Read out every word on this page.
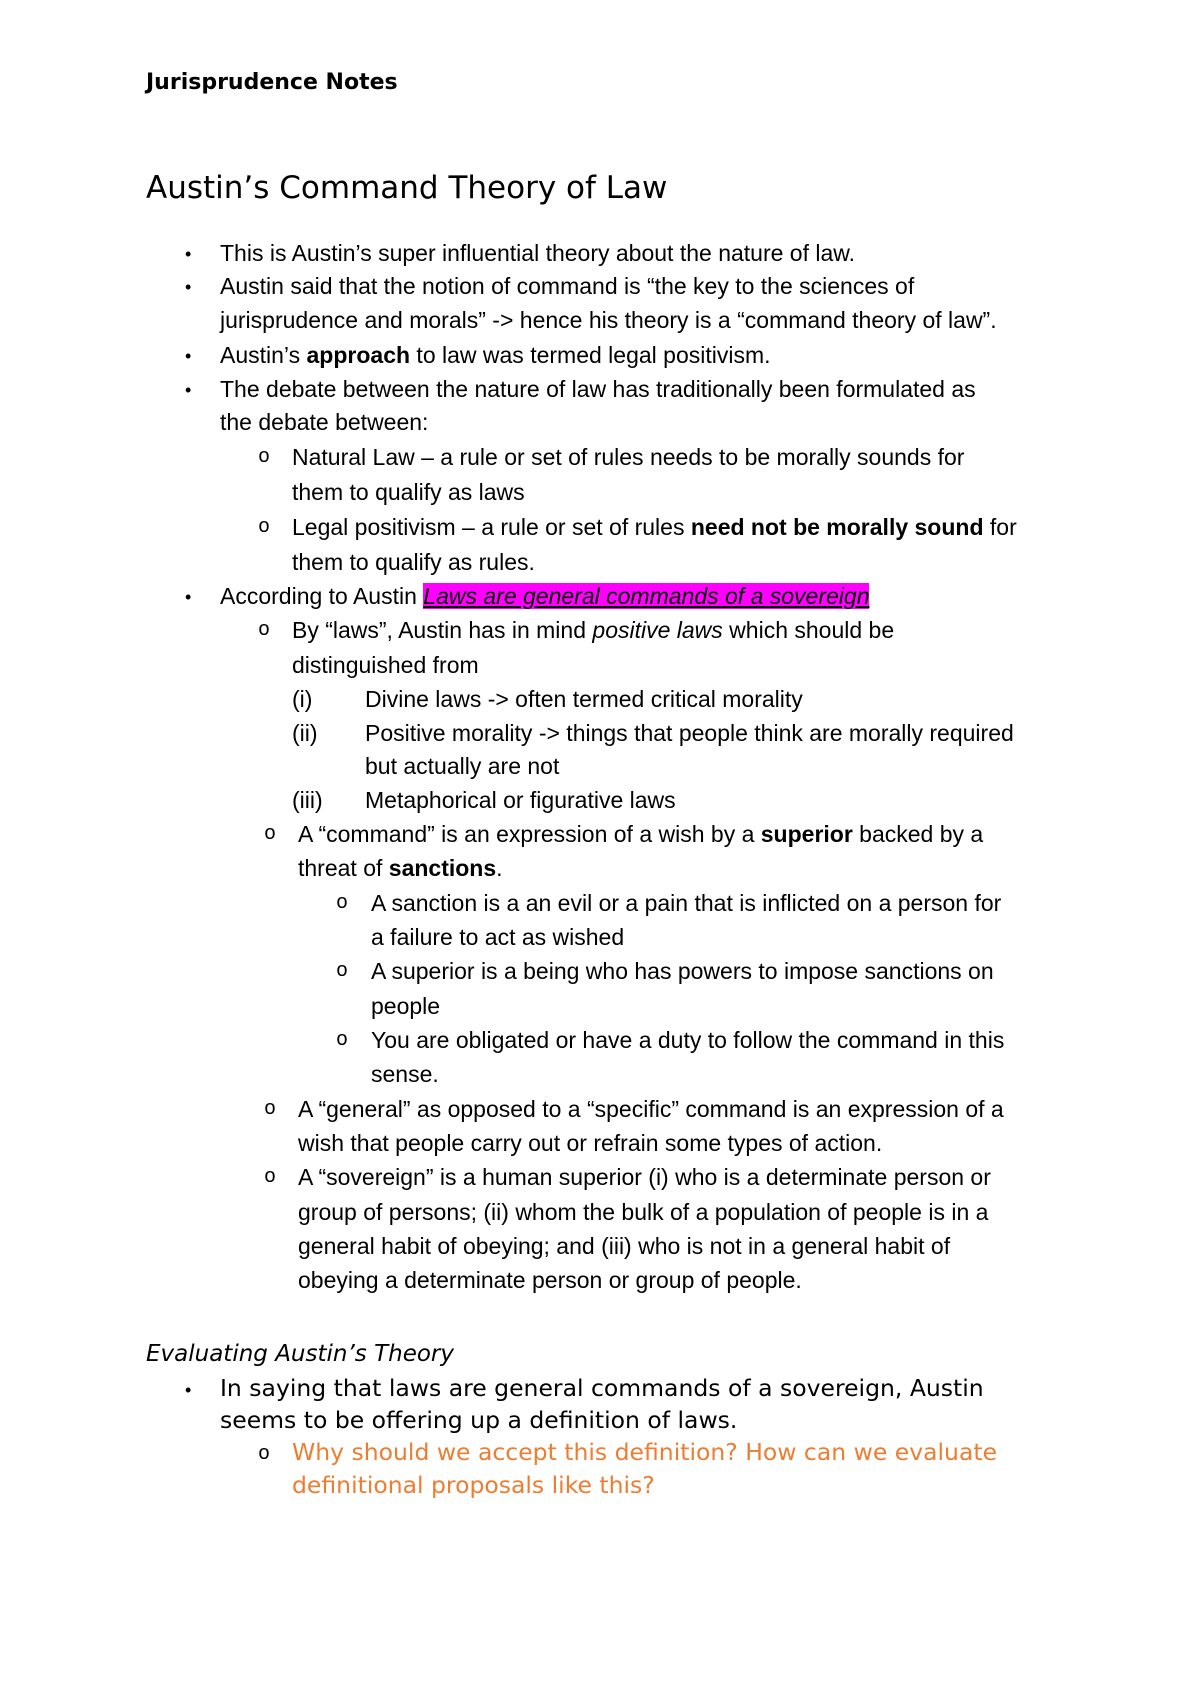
Jurisprudence Notes
Austin’s Command Theory of Law
• This is Austin’s super influential theory about the nature of law.
• Austin said that the notion of command is “the key to the sciences of
jurisprudence and morals” -> hence his theory is a “command theory of law”.
• Austin’s approach to law was termed legal positivism.
• The debate between the nature of law has traditionally been formulated as
the debate between:
o Natural Law – a rule or set of rules needs to be morally sounds for
them to qualify as laws
o Legal positivism – a rule or set of rules need not be morally sound for
them to qualify as rules.
• According to Austin Laws are general commands of a sovereign
o By “laws”, Austin has in mind positive laws which should be
distinguished from
(i) Divine laws -> often termed critical morality
(ii) Positive morality -> things that people think are morally required
but actually are not
(iii) Metaphorical or figurative laws
o A “command” is an expression of a wish by a superior backed by a
threat of sanctions.
o A sanction is a an evil or a pain that is inflicted on a person for
a failure to act as wished
o A superior is a being who has powers to impose sanctions on
people
o You are obligated or have a duty to follow the command in this
sense.
o A “general” as opposed to a “specific” command is an expression of a
wish that people carry out or refrain some types of action.
o A “sovereign” is a human superior (i) who is a determinate person or
group of persons; (ii) whom the bulk of a population of people is in a
general habit of obeying; and (iii) who is not in a general habit of
obeying a determinate person or group of people.
Evaluating Austin’s Theory
• In saying that laws are general commands of a sovereign, Austin
seems to be offering up a definition of laws.
o Why should we accept this definition? How can we evaluate
definitional proposals like this?
